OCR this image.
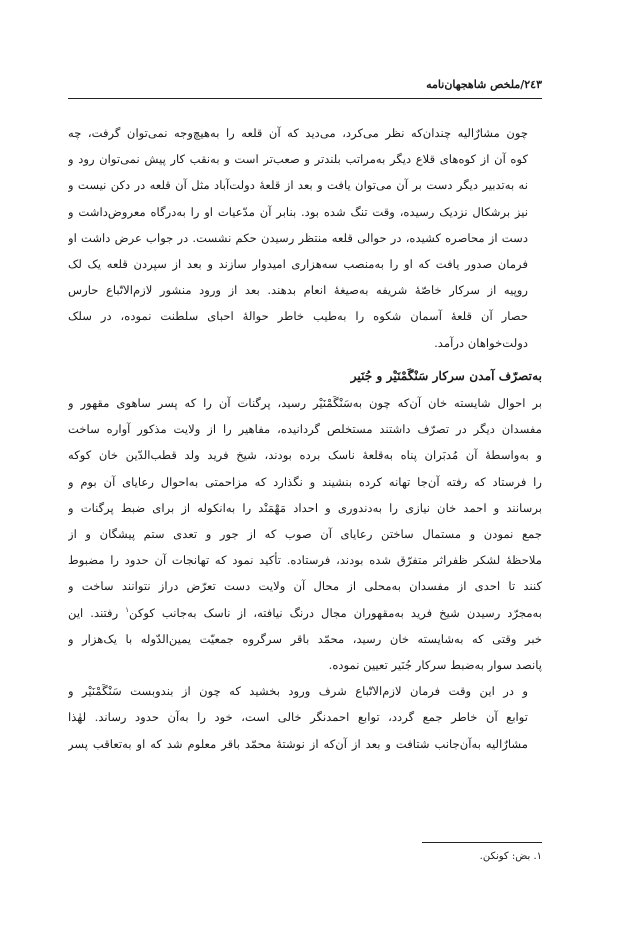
٢٤٣/ملخص شاهجهان‌نامه

چون مشارٌالیه چندان‌که نظر می‌کرد، می‌دید که آن قلعه را به‌هیچ‌وجه نمی‌توان گرفت، چه
کوه آن از کوه‌های قلاع دیگر به‌مراتب بلندتر و صعب‌تر است و به‌نقب کار پیش نمی‌توان رود و
نه به‌تدبیر دیگر دست بر آن می‌توان یافت و بعد از قلعۀ دولت‌آباد مثل آن قلعه در دکن نیست و
نیز برشکال نزدیک رسیده، وقت تنگ شده بود. بنابر آن مدّعیات او را به‌درگاه معروض‌داشت و
دست از محاصره کشیده، در حوالی قلعه منتظر رسیدن حکم نشست. در جواب عرض داشت او
فرمان صدور یافت که او را به‌منصب سه‌هزاری امیدوار سازند و بعد از سپردن قلعه یک لک
روپیه از سرکار خاصّۀ شریفه به‌صیغۀ انعام بدهند. بعد از ورود منشور لازم‌الاتّباع حارس
حصار آن قلعۀ آسمان شکوه را به‌طیب خاطر حوالۀ احبای سلطنت نموده، در سلک
دولت‌خواهان درآمد.

به‌تصرّف آمدن سرکار سَنْگَمْنَیْر و جُنَیر

بر احوال شایسته خان آن‌که چون به‌سَنْگَمْنَیْر رسید، پرگنات آن را که پسر ساهوی مقهور و
مفسدان دیگر در تصرّف داشتند مستخلص گردانیده، مفاهیر را از ولایت مذکور آواره ساخت
و به‌واسطۀ آن مُدبَران پناه به‌قلعۀ ناسک برده بودند، شیخ فرید ولد قطب‌الدّین خان کوکه
را فرستاد که رفته آن‌جا تهانه کرده بنشیند و نگذارد که مزاحمتی به‌احوال رعایای آن بوم و
برسانند و احمد خان نیازی را به‌دندوری و احداد مَهْمَنْد را به‌انکوله از برای ضبط پرگنات و
جمع نمودن و مستمال ساختن رعایای آن صوب که از جور و تعدی ستم پیشگان و از
ملاحظۀ لشکر ظفراثر متفرّق شده بودند، فرستاده. تأکید نمود که تهانجات آن حدود را مضبوط
کنند تا احدی از مفسدان به‌محلی از محال آن ولایت دست تعرّض دراز نتوانند ساخت و
به‌مجرّد رسیدن شیخ فرید به‌مقهوران مجال درنگ نیافته، از ناسک به‌جانب کوکن$^١$ رفتند. این
خبر وقتی که به‌شایسته خان رسید، محمّد باقر سرگروه جمعیّت یمین‌الدّوله با یک‌هزار و
پانصد سوار به‌ضبط سرکار جُنَیر تعیین نموده.

و در این وقت فرمان لازم‌الاتّباع شرف ورود بخشید که چون از بندوبست سَنْگَمْنَیْر و
توابع آن خاطر جمع گردد، توابع احمدنگر خالی است، خود را به‌آن حدود رساند. لهٰذا
مشارٌالیه به‌آن‌جانب شتافت و بعد از آن‌که از نوشتۀ محمّد باقر معلوم شد که او به‌تعاقب پسر

١. بض: کونکن.
